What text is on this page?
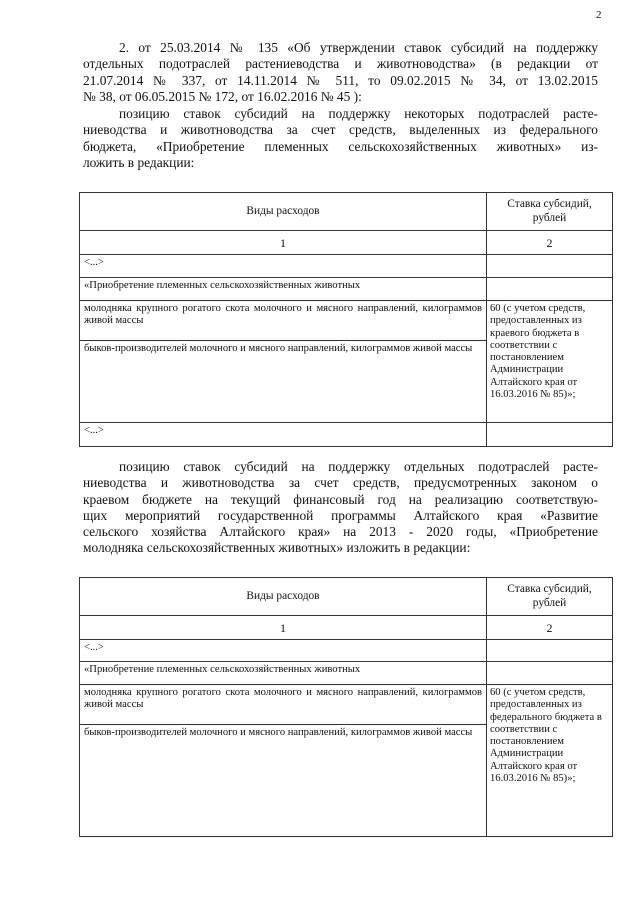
2

2. от 25.03.2014 № 135 «Об утверждении ставок субсидий на поддержку
отдельных подотраслей растениеводства и животноводства» (в редакции от
21.07.2014 № 337, от 14.11.2014 № 511, то 09.02.2015 № 34, от 13.02.2015
№ 38, от 06.05.2015 № 172, от 16.02.2016 № 45 ):

позицию ставок субсидий на поддержку некоторых подотраслей расте-
ниеводства и животноводства за счет средств, выделенных из федерального
бюджета, «Приобретение племенных сельскохозяйственных животных» из-
ложить в редакции:

Виды расходов	Ставка субсидий, рублей
1	2
<...>	
«Приобретение племенных сельскохозяйственных животных	
молодняка крупного рогатого скота молочного и мясного направлений, килограммов живой массы	60 (с учетом средств, предоставленных из краевого бюджета в соответствии с постановлением Администрации Алтайского края от 16.03.2016 № 85)»;
быков-производителей молочного и мясного направлений, килограммов живой массы	
<...>	

позицию ставок субсидий на поддержку отдельных подотраслей расте-
ниеводства и животноводства за счет средств, предусмотренных законом о
краевом бюджете на текущий финансовый год на реализацию соответствую-
щих мероприятий государственной программы Алтайского края «Развитие
сельского хозяйства Алтайского края» на 2013 - 2020 годы, «Приобретение
молодняка сельскохозяйственных животных» изложить в редакции:

Виды расходов	Ставка субсидий, рублей
1	2
<...>	
«Приобретение племенных сельскохозяйственных животных	
молодняка крупного рогатого скота молочного и мясного направлений, килограммов живой массы	60 (с учетом средств, предоставленных из федерального бюджета в соответствии с постановлением Администрации Алтайского края от 16.03.2016 № 85)»;
быков-производителей молочного и мясного направлений, килограммов живой массы	
